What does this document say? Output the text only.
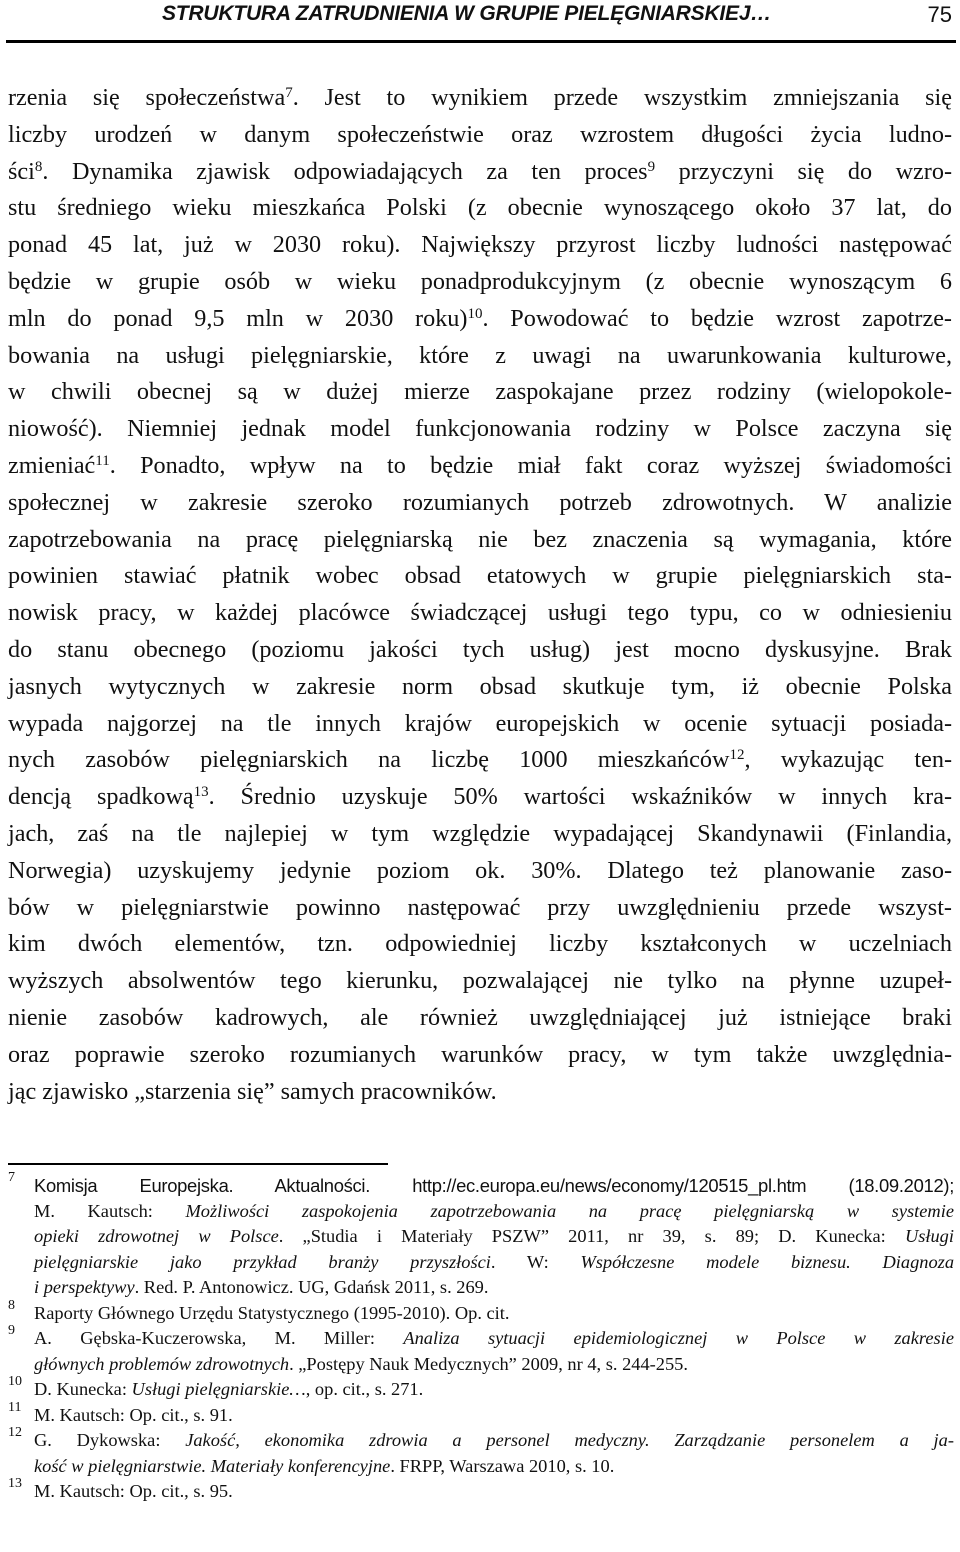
STRUKTURA ZATRUDNIENIA W GRUPIE PIELĘGNIARSKIEJ…	75
rzenia się społeczeństwa$^7$. Jest to wynikiem przede wszystkim zmniejszania się
liczby urodzeń w danym społeczeństwie oraz wzrostem długości życia ludno-
ści$^8$. Dynamika zjawisk odpowiadających za ten proces$^9$ przyczyni się do wzro-
stu średniego wieku mieszkańca Polski (z obecnie wynoszącego około 37 lat, do
ponad 45 lat, już w 2030 roku). Największy przyrost liczby ludności następować
będzie w grupie osób w wieku ponadprodukcyjnym (z obecnie wynoszącym 6
mln do ponad 9,5 mln w 2030 roku)$^{10}$. Powodować to będzie wzrost zapotrze-
bowania na usługi pielęgniarskie, które z uwagi na uwarunkowania kulturowe,
w chwili obecnej są w dużej mierze zaspokajane przez rodziny (wielopokole-
niowość). Niemniej jednak model funkcjonowania rodziny w Polsce zaczyna się
zmieniać$^{11}$. Ponadto, wpływ na to będzie miał fakt coraz wyższej świadomości
społecznej w zakresie szeroko rozumianych potrzeb zdrowotnych. W analizie
zapotrzebowania na pracę pielęgniarską nie bez znaczenia są wymagania, które
powinien stawiać płatnik wobec obsad etatowych w grupie pielęgniarskich sta-
nowisk pracy, w każdej placówce świadczącej usługi tego typu, co w odniesieniu
do stanu obecnego (poziomu jakości tych usług) jest mocno dyskusyjne. Brak
jasnych wytycznych w zakresie norm obsad skutkuje tym, iż obecnie Polska
wypada najgorzej na tle innych krajów europejskich w ocenie sytuacji posiada-
nych zasobów pielęgniarskich na liczbę 1000 mieszkańców$^{12}$, wykazując ten-
dencją spadkową$^{13}$. Średnio uzyskuje 50% wartości wskaźników w innych kra-
jach, zaś na tle najlepiej w tym względzie wypadającej Skandynawii (Finlandia,
Norwegia) uzyskujemy jedynie poziom ok. 30%. Dlatego też planowanie zaso-
bów w pielęgniarstwie powinno następować przy uwzględnieniu przede wszyst-
kim dwóch elementów, tzn. odpowiedniej liczby kształconych w uczelniach
wyższych absolwentów tego kierunku, pozwalającej nie tylko na płynne uzupeł-
nienie zasobów kadrowych, ale również uwzględniającej już istniejące braki
oraz poprawie szeroko rozumianych warunków pracy, w tym także uwzględnia-
jąc zjawisko „starzenia się” samych pracowników.
7 Komisja Europejska. Aktualności. http://ec.europa.eu/news/economy/120515_pl.htm (18.09.2012);
M. Kautsch: Możliwości zaspokojenia zapotrzebowania na pracę pielęgniarską w systemie
opieki zdrowotnej w Polsce. „Studia i Materiały PSZW” 2011, nr 39, s. 89; D. Kunecka: Usługi
pielęgniarskie jako przykład branży przyszłości. W: Współczesne modele biznesu. Diagnoza
i perspektywy. Red. P. Antonowicz. UG, Gdańsk 2011, s. 269.
8 Raporty Głównego Urzędu Statystycznego (1995-2010). Op. cit.
9 A. Gębska-Kuczerowska, M. Miller: Analiza sytuacji epidemiologicznej w Polsce w zakresie
głównych problemów zdrowotnych. „Postępy Nauk Medycznych” 2009, nr 4, s. 244-255.
10 D. Kunecka: Usługi pielęgniarskie…, op. cit., s. 271.
11 M. Kautsch: Op. cit., s. 91.
12 G. Dykowska: Jakość, ekonomika zdrowia a personel medyczny. Zarządzanie personelem a ja-
kość w pielęgniarstwie. Materiały konferencyjne. FRPP, Warszawa 2010, s. 10.
13 M. Kautsch: Op. cit., s. 95.
